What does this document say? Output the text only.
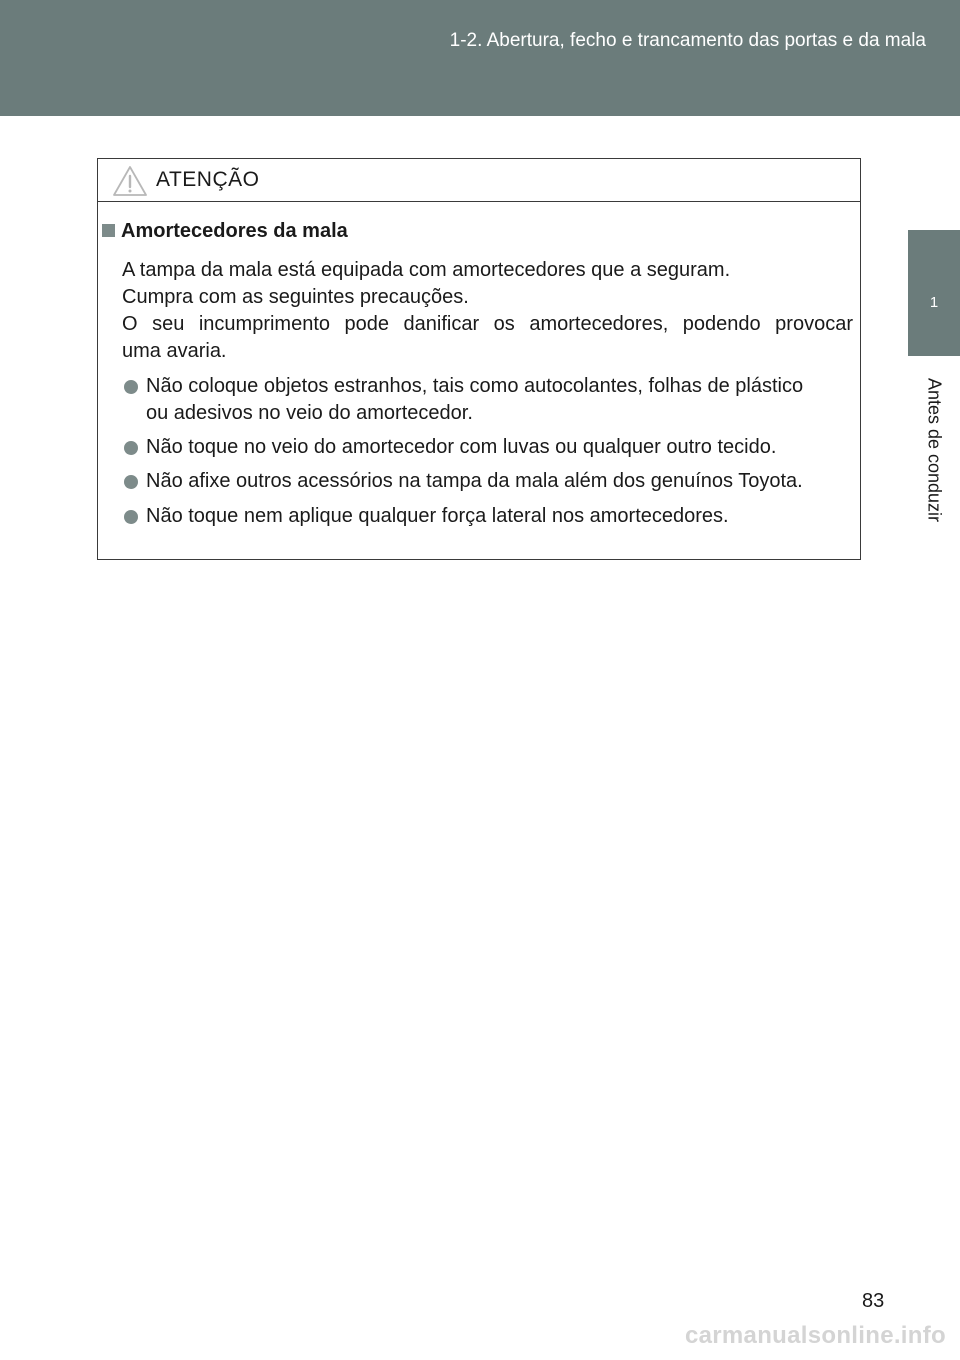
1-2. Abertura, fecho e trancamento das portas e da mala
1
Antes de conduzir
ATENÇÃO
Amortecedores da mala
A tampa da mala está equipada com amortecedores que a seguram.
Cumpra com as seguintes precauções.
O seu incumprimento pode danificar os amortecedores, podendo provocar
uma avaria.
Não coloque objetos estranhos, tais como autocolantes, folhas de plástico
ou adesivos no veio do amortecedor.
Não toque no veio do amortecedor com luvas ou qualquer outro tecido.
Não afixe outros acessórios na tampa da mala além dos genuínos Toyota.
Não toque nem aplique qualquer força lateral nos amortecedores.
83
carmanualsonline.info
